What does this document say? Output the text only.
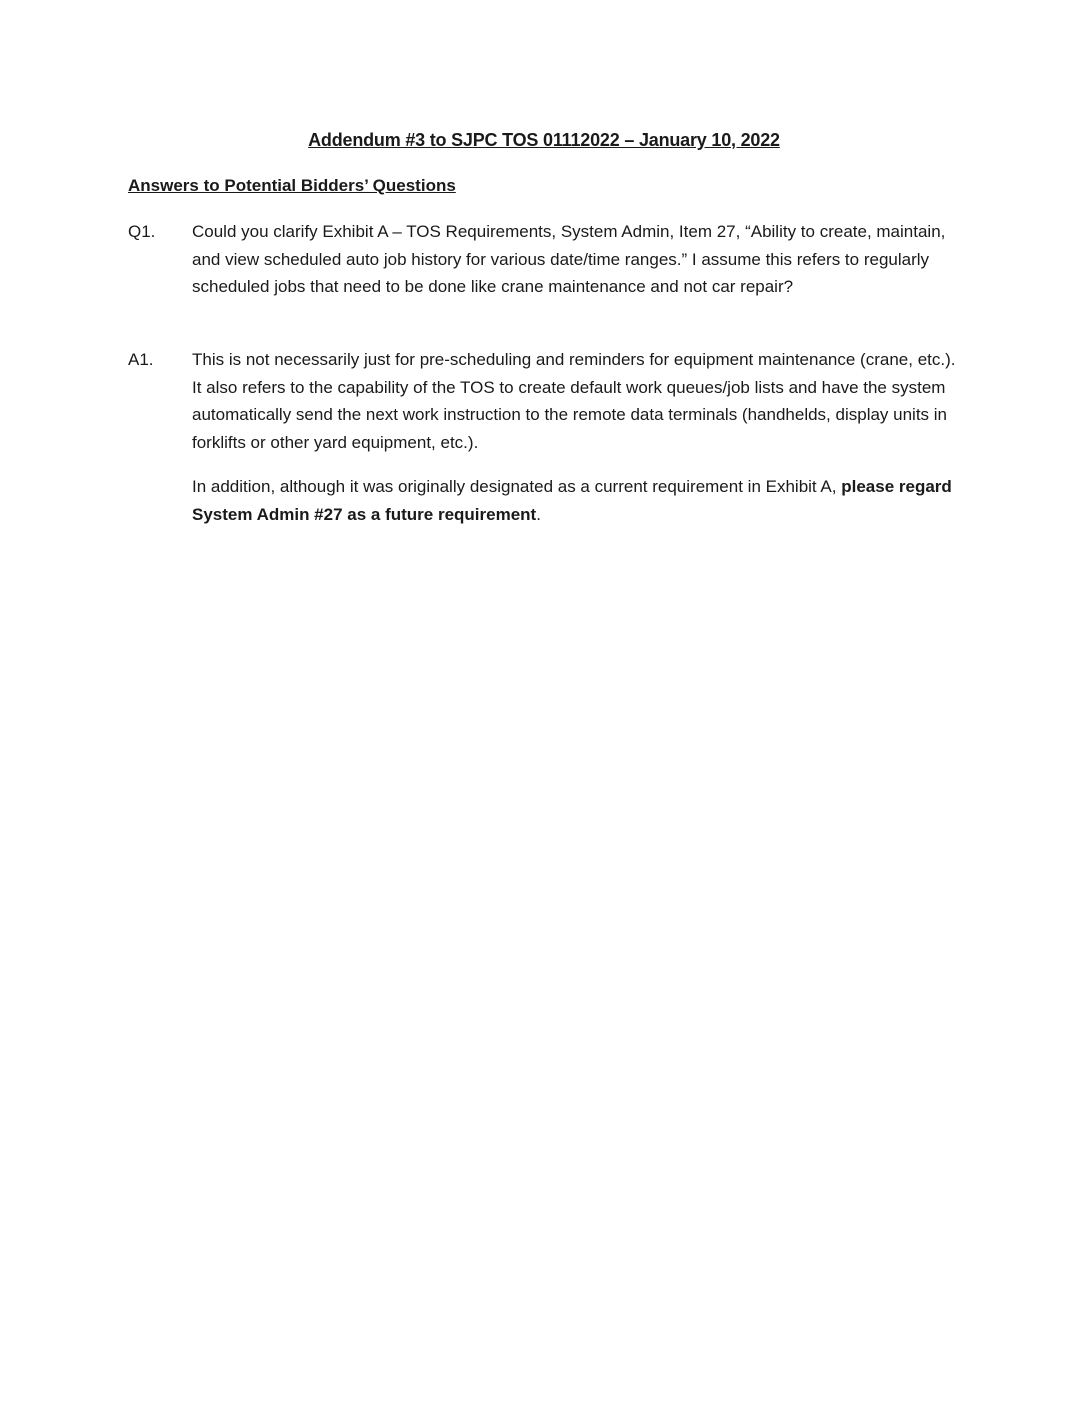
Addendum #3 to SJPC TOS 01112022 – January 10, 2022
Answers to Potential Bidders’ Questions
Q1.	Could you clarify Exhibit A – TOS Requirements, System Admin, Item 27, “Ability to create, maintain, and view scheduled auto job history for various date/time ranges.” I assume this refers to regularly scheduled jobs that need to be done like crane maintenance and not car repair?

A1.	This is not necessarily just for pre-scheduling and reminders for equipment maintenance (crane, etc.). It also refers to the capability of the TOS to create default work queues/job lists and have the system automatically send the next work instruction to the remote data terminals (handhelds, display units in forklifts or other yard equipment, etc.).

In addition, although it was originally designated as a current requirement in Exhibit A, please regard System Admin #27 as a future requirement.
